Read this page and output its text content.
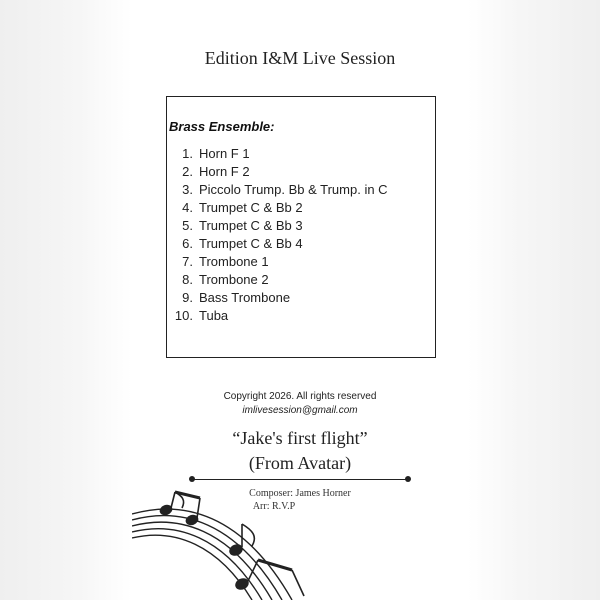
Edition I&M Live Session
Brass Ensemble:
1. Horn F 1
2. Horn F 2
3. Piccolo Trump. Bb & Trump. in C
4. Trumpet C & Bb 2
5. Trumpet C & Bb 3
6. Trumpet C & Bb 4
7. Trombone 1
8. Trombone 2
9. Bass Trombone
10. Tuba
Copyright 2026. All rights reserved
imlivesession@gmail.com
“Jake's first flight”
(From Avatar)
Composer: James Horner
Arr: R.V.P
